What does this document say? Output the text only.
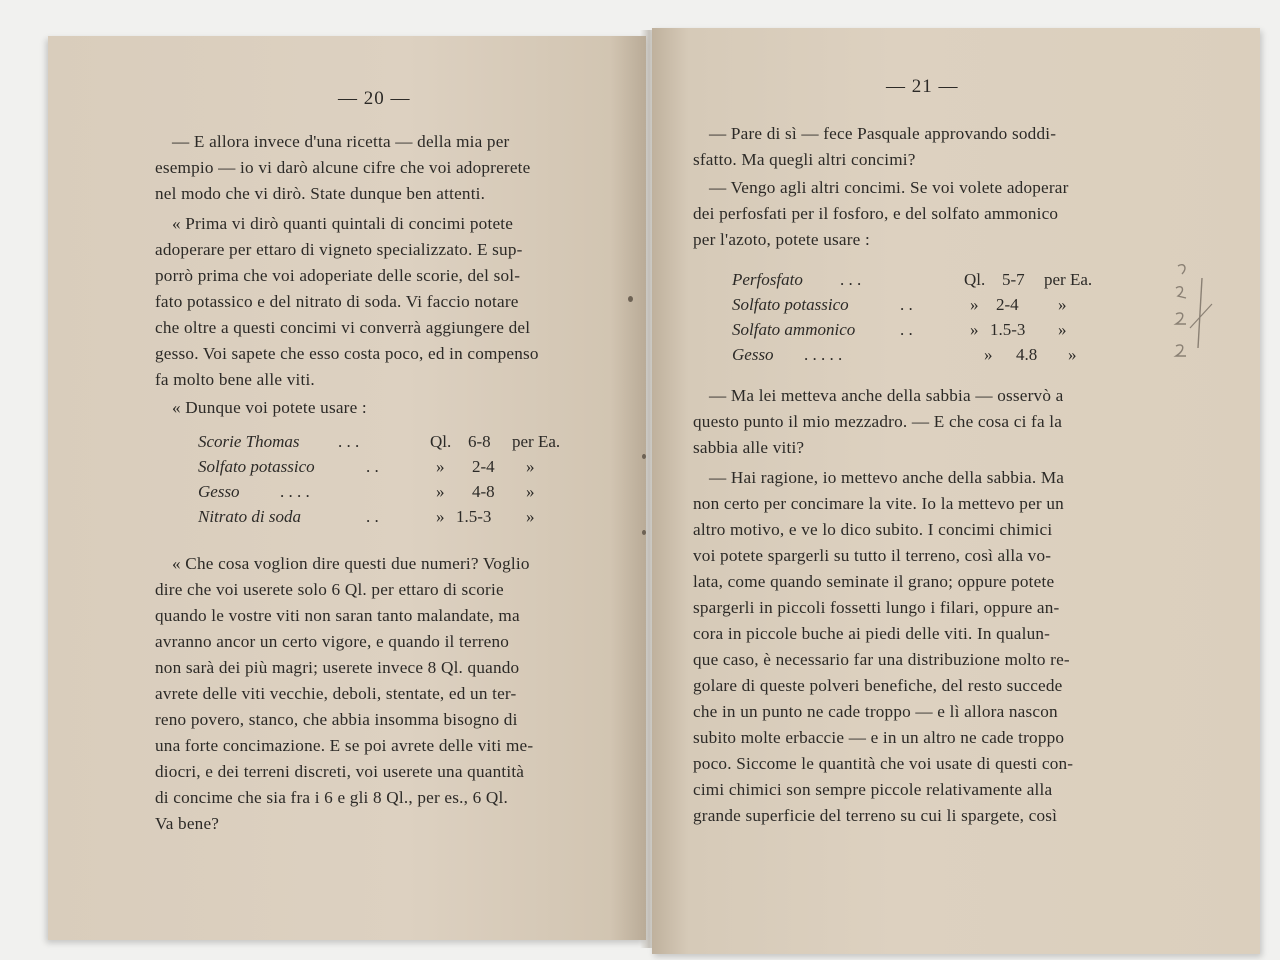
— 20 —
— E allora invece d'una ricetta — della mia per
esempio — io vi darò alcune cifre che voi adoprerete
nel modo che vi dirò. State dunque ben attenti.
« Prima vi dirò quanti quintali di concimi potete
adoperare per ettaro di vigneto specializzato. E sup-
porrò prima che voi adoperiate delle scorie, del sol-
fato potassico e del nitrato di soda. Vi faccio notare
che oltre a questi concimi vi converrà aggiungere del
gesso. Voi sapete che esso costa poco, ed in compenso
fa molto bene alle viti.
« Dunque voi potete usare :
Scorie Thomas . . .	Ql. 6-8 per Ea.
Solfato potassico	. .	» 2-4 »
Gesso . . . .	» 4-8 »
Nitrato di soda	. .	» 1.5-3 »
« Che cosa voglion dire questi due numeri? Voglio
dire che voi userete solo 6 Ql. per ettaro di scorie
quando le vostre viti non saran tanto malandate, ma
avranno ancor un certo vigore, e quando il terreno
non sarà dei più magri; userete invece 8 Ql. quando
avrete delle viti vecchie, deboli, stentate, ed un ter-
reno povero, stanco, che abbia insomma bisogno di
una forte concimazione. E se poi avrete delle viti me-
diocri, e dei terreni discreti, voi userete una quantità
di concime che sia fra i 6 e gli 8 Ql., per es., 6 Ql.
Va bene?
— 21 —
— Pare di sì — fece Pasquale approvando soddi-
sfatto. Ma quegli altri concimi?
— Vengo agli altri concimi. Se voi volete adoperar
dei perfosfati per il fosforo, e del solfato ammonico
per l'azoto, potete usare :
Perfosfato . . .	Ql. 5-7 per Ea.
Solfato potassico	. .	» 2-4 »
Solfato ammonico	. .	» 1.5-3 »
Gesso . . . . .	» 4.8 »
— Ma lei metteva anche della sabbia — osservò a
questo punto il mio mezzadro. — E che cosa ci fa la
sabbia alle viti?
— Hai ragione, io mettevo anche della sabbia. Ma
non certo per concimare la vite. Io la mettevo per un
altro motivo, e ve lo dico subito. I concimi chimici
voi potete spargerli su tutto il terreno, così alla vo-
lata, come quando seminate il grano; oppure potete
spargerli in piccoli fossetti lungo i filari, oppure an-
cora in piccole buche ai piedi delle viti. In qualun-
que caso, è necessario far una distribuzione molto re-
golare di queste polveri benefiche, del resto succede
che in un punto ne cade troppo — e lì allora nascon
subito molte erbaccie — e in un altro ne cade troppo
poco. Siccome le quantità che voi usate di questi con-
cimi chimici son sempre piccole relativamente alla
grande superficie del terreno su cui li spargete, così
